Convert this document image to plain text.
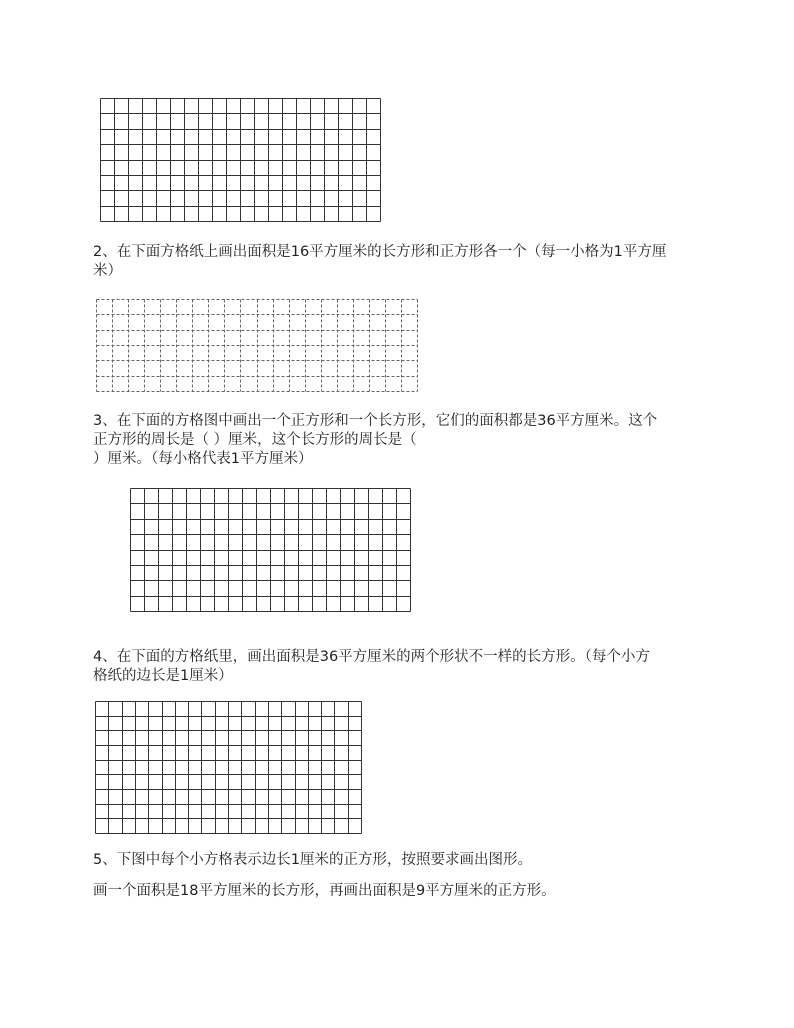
2、在下面方格纸上画出面积是16平方厘米的长方形和正方形各一个（每一小格为1平方厘
米）
3、在下面的方格图中画出一个正方形和一个长方形，它们的面积都是36平方厘米。这个
正方形的周长是（ ）厘米，这个长方形的周长是（
）厘米。（每小格代表1平方厘米）
4、在下面的方格纸里，画出面积是36平方厘米的两个形状不一样的长方形。（每个小方
格纸的边长是1厘米）
5、下图中每个小方格表示边长1厘米的正方形，按照要求画出图形。
画一个面积是18平方厘米的长方形，再画出面积是9平方厘米的正方形。
